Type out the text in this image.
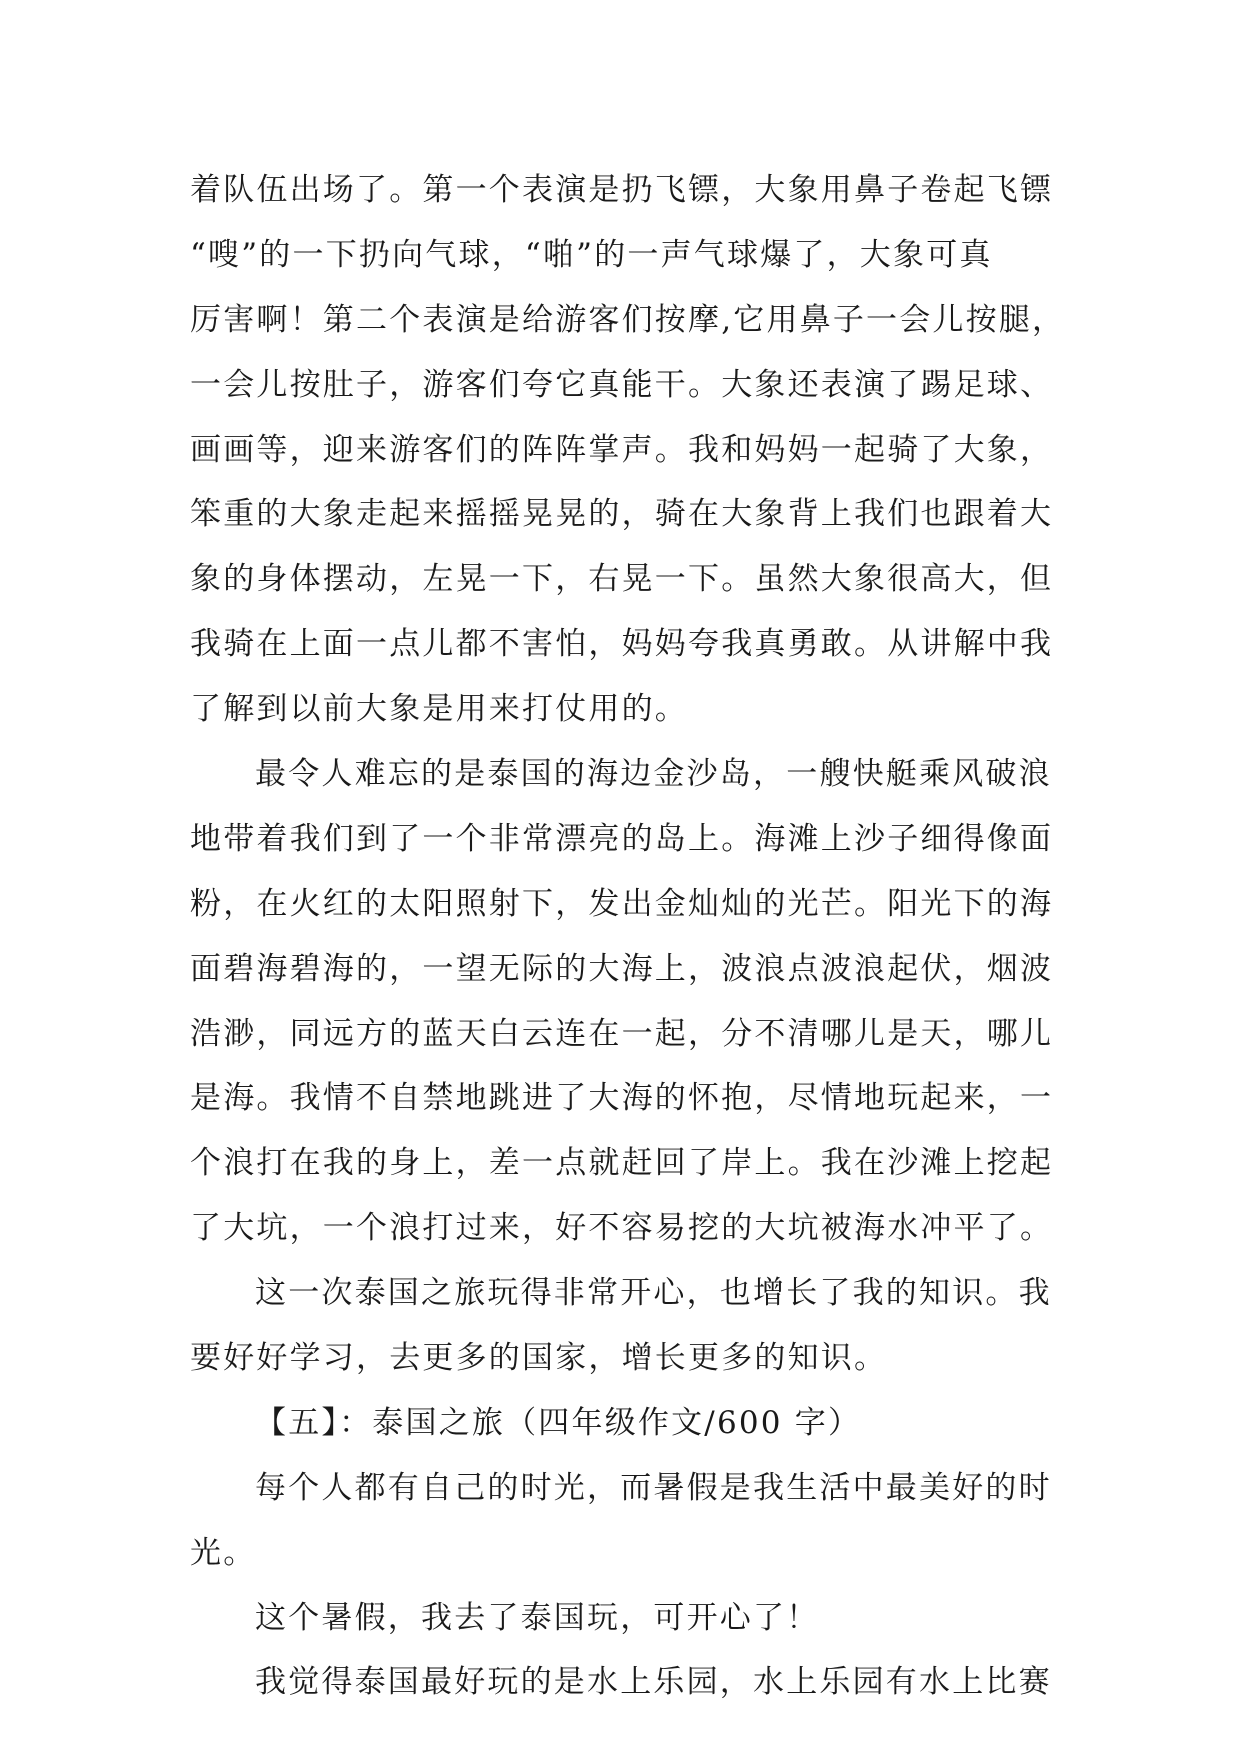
着队伍出场了。第一个表演是扔飞镖，大象用鼻子卷起飞镖
“嗖”的一下扔向气球，“啪”的一声气球爆了，大象可真
厉害啊！第二个表演是给游客们按摩,它用鼻子一会儿按腿，
一会儿按肚子，游客们夸它真能干。大象还表演了踢足球、
画画等，迎来游客们的阵阵掌声。我和妈妈一起骑了大象，
笨重的大象走起来摇摇晃晃的，骑在大象背上我们也跟着大
象的身体摆动，左晃一下，右晃一下。虽然大象很高大，但
我骑在上面一点儿都不害怕，妈妈夸我真勇敢。从讲解中我
了解到以前大象是用来打仗用的。
最令人难忘的是泰国的海边金沙岛，一艘快艇乘风破浪
地带着我们到了一个非常漂亮的岛上。海滩上沙子细得像面
粉，在火红的太阳照射下，发出金灿灿的光芒。阳光下的海
面碧海碧海的，一望无际的大海上，波浪点波浪起伏，烟波
浩渺，同远方的蓝天白云连在一起，分不清哪儿是天，哪儿
是海。我情不自禁地跳进了大海的怀抱，尽情地玩起来，一
个浪打在我的身上，差一点就赶回了岸上。我在沙滩上挖起
了大坑，一个浪打过来，好不容易挖的大坑被海水冲平了。
这一次泰国之旅玩得非常开心，也增长了我的知识。我
要好好学习，去更多的国家，增长更多的知识。
【五】：泰国之旅（四年级作文/600 字）
每个人都有自己的时光，而暑假是我生活中最美好的时
光。
这个暑假，我去了泰国玩，可开心了！
我觉得泰国最好玩的是水上乐园，水上乐园有水上比赛
